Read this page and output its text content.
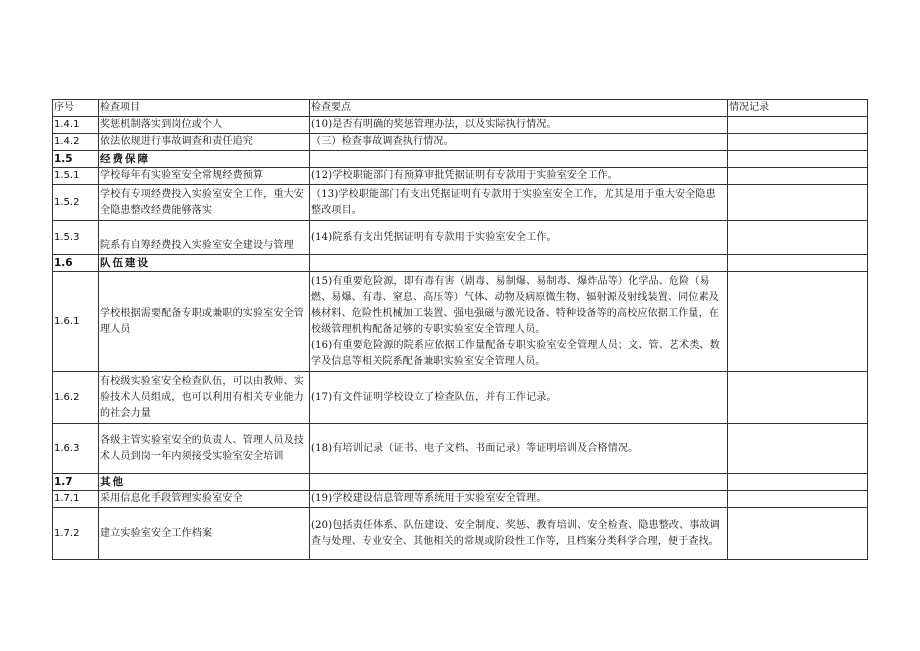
序号	检查项目	检查要点	情况记录
1.4.1	奖惩机制落实到岗位或个人	(10)是否有明确的奖惩管理办法，以及实际执行情况。	
1.4.2	依法依规进行事故调查和责任追究	（三）检查事故调查执行情况。	
1.5	经费保障		
1.5.1	学校每年有实验室安全常规经费预算	(12)学校职能部门有预算审批凭据证明有专款用于实验室安全工作。	
1.5.2	学校有专项经费投入实验室安全工作，重大安全隐患整改经费能够落实	（13)学校职能部门有支出凭据证明有专款用于实验室安全工作，尤其是用于重大安全隐患整改项目。	
1.5.3	院系有自筹经费投入实验室安全建设与管理	(14)院系有支出凭据证明有专款用于实验室安全工作。	
1.6	队伍建设		
1.6.1	学校根据需要配备专职或兼职的实验室安全管理人员	(15)有重要危险源，即有毒有害（剧毒、易制爆、易制毒、爆炸品等）化学品、危险（易燃、易爆、有毒、窒息、高压等）气体、动物及病原微生物、辐射源及射线装置、同位素及核材料、危险性机械加工装置、强电强磁与激光设备、特种设备等的高校应依据工作量，在校级管理机构配备足够的专职实验室安全管理人员。
(16)有重要危险源的院系应依据工作量配备专职实验室安全管理人员；文、管、艺术类、数学及信息等相关院系配备兼职实验室安全管理人员。	

1.6.2	有校级实验室安全检查队伍，可以由教师、实验技术人员组成，也可以利用有相关专业能力的社会力量	(17)有文件证明学校设立了检查队伍，并有工作记录。	
1.6.3	各级主管实验室安全的负责人、管理人员及技术人员到岗一年内须接受实验室安全培训	(18)有培训记录（证书、电子文档、书面记录）等证明培训及合格情况。	
1.7	其他		
1.7.1	采用信息化手段管理实验室安全	(19)学校建设信息管理等系统用于实验室安全管理。	
1.7.2	建立实验室安全工作档案	(20)包括责任体系、队伍建设、安全制度、奖惩、教育培训、安全检查、隐患整改、事故调查与处理、专业安全、其他相关的常规或阶段性工作等，且档案分类科学合理，便于查找。	
